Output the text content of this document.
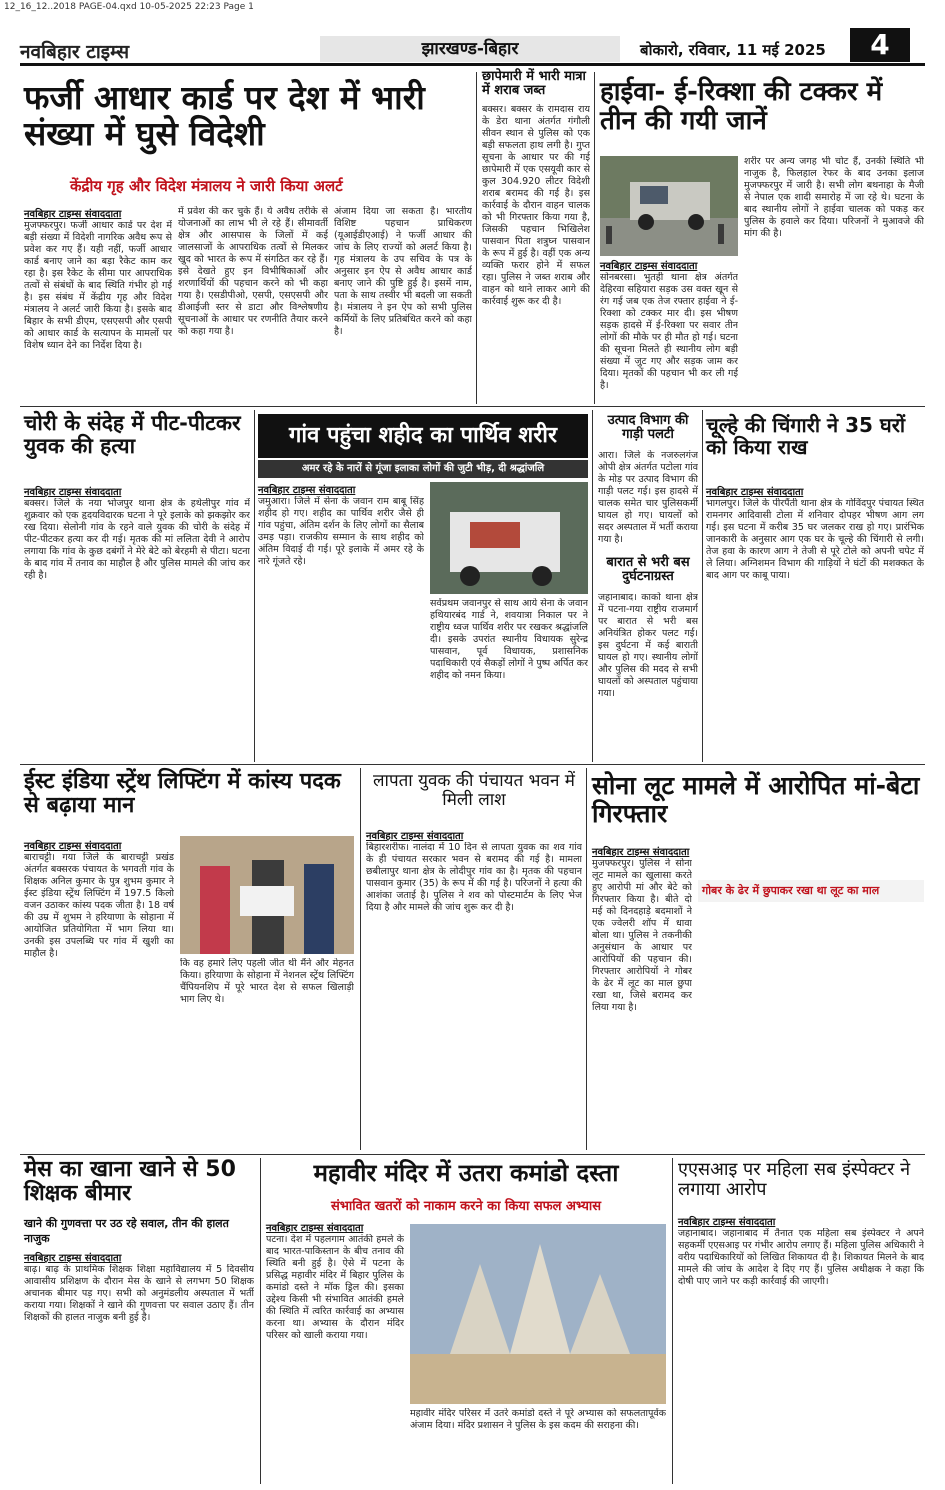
12_16_12..2018 PAGE-04.qxd 10-05-2025 22:23 Page 1
नवबिहार टाइम्स	झारखण्ड-बिहार	बोकारो, रविवार, 11 मई 2025	4
फर्जी आधार कार्ड पर देश में भारी संख्या में घुसे विदेशी
केंद्रीय गृह और विदेश मंत्रालय ने जारी किया अलर्ट
नवबिहार टाइम्स संवाददाता
मुजफ्फरपुर। फर्जी आधार कार्ड पर देश में बड़ी संख्या में विदेशी नागरिक अवैध रूप से प्रवेश कर गए हैं। यही नहीं, फर्जी आधार कार्ड बनाए जाने का बड़ा रैकेट काम कर रहा है। इस रैकेट के सीमा पार आपराधिक तत्वों से संबंधों के बाद स्थिति गंभीर हो गई है। इस संबंध में केंद्रीय गृह और विदेश मंत्रालय ने अलर्ट जारी किया है। इसके बाद बिहार के सभी डीएम, एसएसपी और एसपी को आधार कार्ड के सत्यापन के मामलों पर विशेष ध्यान देने का निर्देश दिया है।
में प्रवेश की कर चुके हैं। ये अवैध तरीके से योजनाओं का लाभ भी ले रहे हैं। सीमावर्ती क्षेत्र और आसपास के जिलों में कई जालसाजों के आपराधिक तत्वों से मिलकर खुद को भारत के रूप में संगठित कर रहे हैं। इसे देखते हुए इन विभीषिकाओं और शरणार्थियों की पहचान करने को भी कहा गया है। एसडीपीओ, एसपी, एसएसपी और डीआईजी स्तर से डाटा और विश्लेषणीय सूचनाओं के आधार पर रणनीति तैयार करने को कहा गया है।
अंजाम दिया जा सकता है। भारतीय विशिष्ट पहचान प्राधिकरण (यूआईडीएआई) ने फर्जी आधार की जांच के लिए राज्यों को अलर्ट किया है। गृह मंत्रालय के उप सचिव के पत्र के अनुसार इन ऐप से अवैध आधार कार्ड बनाए जाने की पुष्टि हुई है। इसमें नाम, पता के साथ तस्वीर भी बदली जा सकती है। मंत्रालय ने इन ऐप को सभी पुलिस कर्मियों के लिए प्रतिबंधित करने को कहा है।
छापेमारी में भारी मात्रा में शराब जब्त
बक्सर। बक्सर के रामदास राय के डेरा थाना अंतर्गत गंगौली सीवन स्थान से पुलिस को एक बड़ी सफलता हाथ लगी है। गुप्त सूचना के आधार पर की गई छापेमारी में एक एसयूवी कार से कुल 304.920 लीटर विदेशी शराब बरामद की गई है। इस कार्रवाई के दौरान वाहन चालक को भी गिरफ्तार किया गया है, जिसकी पहचान भिखिलेश पासवान पिता शत्रुघ्न पासवान के रूप में हुई है। वहीं एक अन्य व्यक्ति फरार होने में सफल रहा। पुलिस ने जब्त शराब और वाहन को थाने लाकर आगे की कार्रवाई शुरू कर दी है।
हाईवा- ई-रिक्शा की टक्कर में तीन की गयी जानें
नवबिहार टाइम्स संवाददाता
सोनबरसा। भुतही थाना क्षेत्र अंतर्गत देहिरवा सहियारा सड़क उस वक्त खून से रंग गई जब एक तेज रफ्तार हाईवा ने ई-रिक्शा को टक्कर मार दी। इस भीषण सड़क हादसे में ई-रिक्शा पर सवार तीन लोगों की मौके पर ही मौत हो गई। घटना की सूचना मिलते ही स्थानीय लोग बड़ी संख्या में जुट गए और सड़क जाम कर दिया। मृतकों की पहचान भी कर ली गई है।
शरीर पर अन्य जगह भी चोट हैं, उनकी स्थिति भी नाजुक है, फिलहाल रेफर के बाद उनका इलाज मुजफ्फरपुर में जारी है। सभी लोग बथनाहा के मैजी से नेपाल एक शादी समारोह में जा रहे थे। घटना के बाद स्थानीय लोगों ने हाईवा चालक को पकड़ कर पुलिस के हवाले कर दिया। परिजनों ने मुआवजे की मांग की है।
चोरी के संदेह में पीट-पीटकर युवक की हत्या
नवबिहार टाइम्स संवाददाता
बक्सर। जिले के नया भोजपुर थाना क्षेत्र के हथेलीपुर गांव में शुक्रवार को एक हृदयविदारक घटना ने पूरे इलाके को झकझोर कर रख दिया। सेलोनी गांव के रहने वाले युवक की चोरी के संदेह में पीट-पीटकर हत्या कर दी गई। मृतक की मां ललिता देवी ने आरोप लगाया कि गांव के कुछ दबंगों ने मेरे बेटे को बेरहमी से पीटा। घटना के बाद गांव में तनाव का माहौल है और पुलिस मामले की जांच कर रही है।
गांव पहुंचा शहीद का पार्थिव शरीर
अमर रहे के नारों से गूंजा इलाका लोगों की जुटी भीड़, दी श्रद्धांजलि
नवबिहार टाइम्स संवाददाता
जमुआरा। जिले में सेना के जवान राम बाबू सिंह शहीद हो गए। शहीद का पार्थिव शरीर जैसे ही गांव पहुंचा, अंतिम दर्शन के लिए लोगों का सैलाब उमड़ पड़ा। राजकीय सम्मान के साथ शहीद को अंतिम विदाई दी गई। पूरे इलाके में अमर रहे के नारे गूंजते रहे।
सर्वप्रथम जवानपुर से साथ आये सेना के जवान हथियारबंद गार्ड ने, शवयात्रा निकाल पर ने राष्ट्रीय ध्वज पार्थिव शरीर पर रखकर श्रद्धांजलि दी। इसके उपरांत स्थानीय विधायक सुरेन्द्र पासवान, पूर्व विधायक, प्रशासनिक पदाधिकारी एवं सैकड़ों लोगों ने पुष्प अर्पित कर शहीद को नमन किया।
उत्पाद विभाग की गाड़ी पलटी
आरा। जिले के नजरुलगंज ओपी क्षेत्र अंतर्गत पटोला गांव के मोड़ पर उत्पाद विभाग की गाड़ी पलट गई। इस हादसे में चालक समेत चार पुलिसकर्मी घायल हो गए। घायलों को सदर अस्पताल में भर्ती कराया गया है।
बारात से भरी बस दुर्घटनाग्रस्त
जहानाबाद। काको थाना क्षेत्र में पटना-गया राष्ट्रीय राजमार्ग पर बारात से भरी बस अनियंत्रित होकर पलट गई। इस दुर्घटना में कई बाराती घायल हो गए। स्थानीय लोगों और पुलिस की मदद से सभी घायलों को अस्पताल पहुंचाया गया।
चूल्हे की चिंगारी ने 35 घरों को किया राख
नवबिहार टाइम्स संवाददाता
भागलपुर। जिले के पीरपैंती थाना क्षेत्र के गोविंदपुर पंचायत स्थित रामनगर आदिवासी टोला में शनिवार दोपहर भीषण आग लग गई। इस घटना में करीब 35 घर जलकर राख हो गए। प्रारंभिक जानकारी के अनुसार आग एक घर के चूल्हे की चिंगारी से लगी। तेज हवा के कारण आग ने तेजी से पूरे टोले को अपनी चपेट में ले लिया। अग्निशमन विभाग की गाड़ियों ने घंटों की मशक्कत के बाद आग पर काबू पाया।
ईस्ट इंडिया स्ट्रेंथ लिफ्टिंग में कांस्य पदक से बढ़ाया मान
नवबिहार टाइम्स संवाददाता
बाराचट्टी। गया जिले के बाराचट्टी प्रखंड अंतर्गत बक्सरक पंचायत के भगवती गांव के शिक्षक अनिल कुमार के पुत्र शुभम कुमार ने ईस्ट इंडिया स्ट्रेंथ लिफ्टिंग में 197.5 किलो वजन उठाकर कांस्य पदक जीता है। 18 वर्ष की उम्र में शुभम ने हरियाणा के सोहाना में आयोजित प्रतियोगिता में भाग लिया था। उनकी इस उपलब्धि पर गांव में खुशी का माहौल है।
कि वह हमारे लिए पहली जीत थी मैंने और मेहनत किया। हरियाणा के सोहाना में नेशनल स्ट्रेंथ लिफ्टिंग चैंपियनशिप में पूरे भारत देश से सफल खिलाड़ी भाग लिए थे।
लापता युवक की पंचायत भवन में मिली लाश
नवबिहार टाइम्स संवाददाता
बिहारशरीफ। नालंदा में 10 दिन से लापता युवक का शव गांव के ही पंचायत सरकार भवन से बरामद की गई है। मामला छबीलापुर थाना क्षेत्र के लोदीपुर गांव का है। मृतक की पहचान पासवान कुमार (35) के रूप में की गई है। परिजनों ने हत्या की आशंका जताई है। पुलिस ने शव को पोस्टमार्टम के लिए भेज दिया है और मामले की जांच शुरू कर दी है।
सोना लूट मामले में आरोपित मां-बेटा गिरफ्तार
नवबिहार टाइम्स संवाददाता
गोबर के ढेर में छुपाकर रखा था लूट का माल
मुजफ्फरपुर। पुलिस ने सोना लूट मामले का खुलासा करते हुए आरोपी मां और बेटे को गिरफ्तार किया है। बीते दो मई को दिनदहाड़े बदमाशों ने एक ज्वेलरी शॉप में धावा बोला था। पुलिस ने तकनीकी अनुसंधान के आधार पर आरोपियों की पहचान की। गिरफ्तार आरोपियों ने गोबर के ढेर में लूट का माल छुपा रखा था, जिसे बरामद कर लिया गया है।
मेस का खाना खाने से 50 शिक्षक बीमार
खाने की गुणवत्ता पर उठ रहे सवाल, तीन की हालत नाजुक
नवबिहार टाइम्स संवाददाता
बाढ़। बाढ़ के प्राथमिक शिक्षक शिक्षा महाविद्यालय में 5 दिवसीय आवासीय प्रशिक्षण के दौरान मेस के खाने से लगभग 50 शिक्षक अचानक बीमार पड़ गए। सभी को अनुमंडलीय अस्पताल में भर्ती कराया गया। शिक्षकों ने खाने की गुणवत्ता पर सवाल उठाए हैं। तीन शिक्षकों की हालत नाजुक बनी हुई है।
महावीर मंदिर में उतरा कमांडो दस्ता
संभावित खतरों को नाकाम करने का किया सफल अभ्यास
नवबिहार टाइम्स संवाददाता
पटना। देश में पहलगाम आतंकी हमले के बाद भारत-पाकिस्तान के बीच तनाव की स्थिति बनी हुई है। ऐसे में पटना के प्रसिद्ध महावीर मंदिर में बिहार पुलिस के कमांडो दस्ते ने मॉक ड्रिल की। इसका उद्देश्य किसी भी संभावित आतंकी हमले की स्थिति में त्वरित कार्रवाई का अभ्यास करना था। अभ्यास के दौरान मंदिर परिसर को खाली कराया गया।
महावीर मंदिर परिसर में उतरे कमांडो दस्ते ने पूरे अभ्यास को सफलतापूर्वक अंजाम दिया। मंदिर प्रशासन ने पुलिस के इस कदम की सराहना की।
एएसआइ पर महिला सब इंस्पेक्टर ने लगाया आरोप
नवबिहार टाइम्स संवाददाता
जहानाबाद। जहानाबाद में तैनात एक महिला सब इंस्पेक्टर ने अपने सहकर्मी एएसआइ पर गंभीर आरोप लगाए हैं। महिला पुलिस अधिकारी ने वरीय पदाधिकारियों को लिखित शिकायत दी है। शिकायत मिलने के बाद मामले की जांच के आदेश दे दिए गए हैं। पुलिस अधीक्षक ने कहा कि दोषी पाए जाने पर कड़ी कार्रवाई की जाएगी।
